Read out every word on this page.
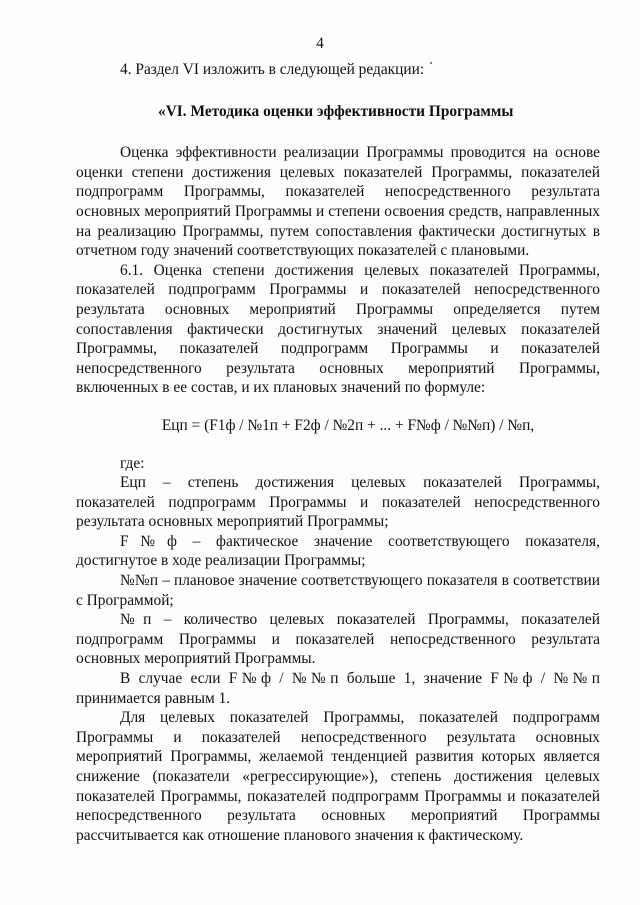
4

4. Раздел VI изложить в следующей редакции:

«VI. Методика оценки эффективности Программы

Оценка эффективности реализации Программы проводится на основе оценки степени достижения целевых показателей Программы, показателей подпрограмм Программы, показателей непосредственного результата основных мероприятий Программы и степени освоения средств, направленных на реализацию Программы, путем сопоставления фактически достигнутых в отчетном году значений соответствующих показателей с плановыми.

6.1. Оценка степени достижения целевых показателей Программы, показателей подпрограмм Программы и показателей непосредственного результата основных мероприятий Программы определяется путем сопоставления фактически достигнутых значений целевых показателей Программы, показателей подпрограмм Программы и показателей непосредственного результата основных мероприятий Программы, включенных в ее состав, и их плановых значений по формуле:

Ецп = (F1ф / №1п + F2ф / №2п + ... + F№ф / №№п) / №п,

где:

Ецп – степень достижения целевых показателей Программы, показателей подпрограмм Программы и показателей непосредственного результата основных мероприятий Программы;

F№ф – фактическое значение соответствующего показателя, достигнутое в ходе реализации Программы;

№№п – плановое значение соответствующего показателя в соответствии с Программой;

№п – количество целевых показателей Программы, показателей подпрограмм Программы и показателей непосредственного результата основных мероприятий Программы.

В случае если F№ф / №№п больше 1, значение F№ф / №№п принимается равным 1.

Для целевых показателей Программы, показателей подпрограмм Программы и показателей непосредственного результата основных мероприятий Программы, желаемой тенденцией развития которых является снижение (показатели «регрессирующие»), степень достижения целевых показателей Программы, показателей подпрограмм Программы и показателей непосредственного результата основных мероприятий Программы рассчитывается как отношение планового значения к фактическому.
